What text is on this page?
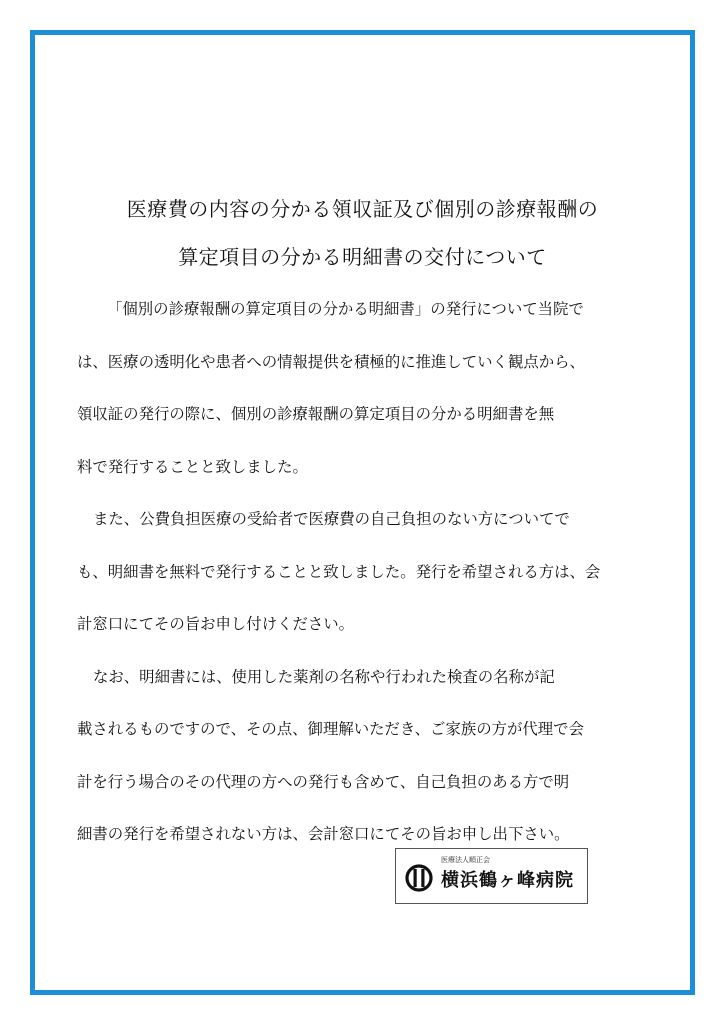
医療費の内容の分かる領収証及び個別の診療報酬の
算定項目の分かる明細書の交付について
「個別の診療報酬の算定項目の分かる明細書」の発行について当院で
は、医療の透明化や患者への情報提供を積極的に推進していく観点から、
領収証の発行の際に、個別の診療報酬の算定項目の分かる明細書を無
料で発行することと致しました。
また、公費負担医療の受給者で医療費の自己負担のない方についてで
も、明細書を無料で発行することと致しました。発行を希望される方は、会
計窓口にてその旨お申し付けください。
なお、明細書には、使用した薬剤の名称や行われた検査の名称が記
載されるものですので、その点、御理解いただき、ご家族の方が代理で会
計を行う場合のその代理の方への発行も含めて、自己負担のある方で明
細書の発行を希望されない方は、会計窓口にてその旨お申し出下さい。
医療法人順正会
横浜鶴ヶ峰病院
